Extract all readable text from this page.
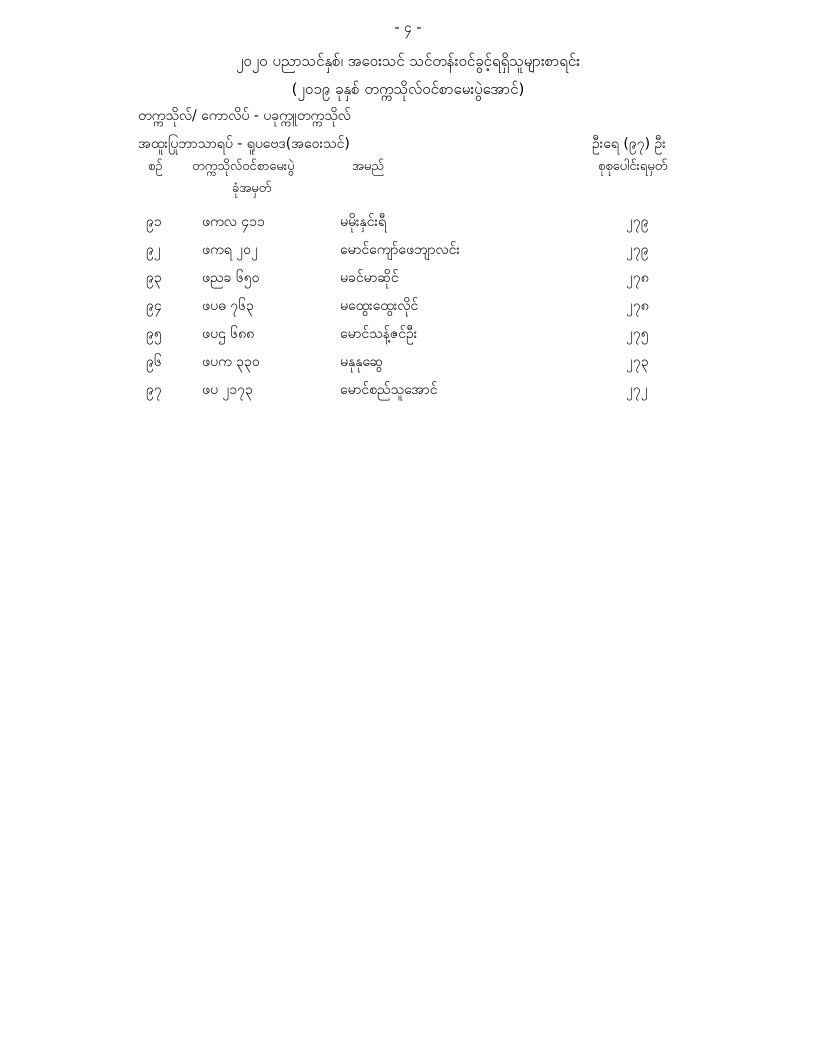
- ၄ -
၂၀၂၀ ပညာသင်နှစ်၊ အဝေးသင် သင်တန်းဝင်ခွင့်ရရှိသူများစာရင်း
(၂၀၁၉ ခုနှစ် တက္ကသိုလ်ဝင်စာမေးပွဲအောင်)
တက္ကသိုလ်/ ကောလိပ် - ပခုက္ကူတက္ကသိုလ်
အထူးပြုဘာသာရပ် - ရူပဗေဒ(အဝေးသင်)	ဦးရေ (၉၇) ဦး
စဉ် တက္ကသိုလ်ဝင်စာမေးပွဲ
ခုံအမှတ်
အမည်	စုစုပေါင်းရမှတ်
၉၁	ဖကလ ၄၁၁	မမိုးနှင်းရီ	၂၇၉
၉၂	ဖကရ ၂၀၂	မောင်ကျော်ဖေဘျာလင်း	၂၇၉
၉၃	ဖညခ ၆၅၀	မခင်မာဆိုင်	၂၇၈
၉၄	ဖပဓ ၇၆၃	မထွေးထွေးလိုင်	၂၇၈
၉၅	ဖပဌ ၆၈၈	မောင်သန့်ဇင်ဦး	၂၇၅
၉၆	ဖပက ၃၃၀	မနုနုဆွေ	၂၇၃
၉၇	ဖပ ၂၁၇၃	မောင်စည်သူအောင်	၂၇၂
